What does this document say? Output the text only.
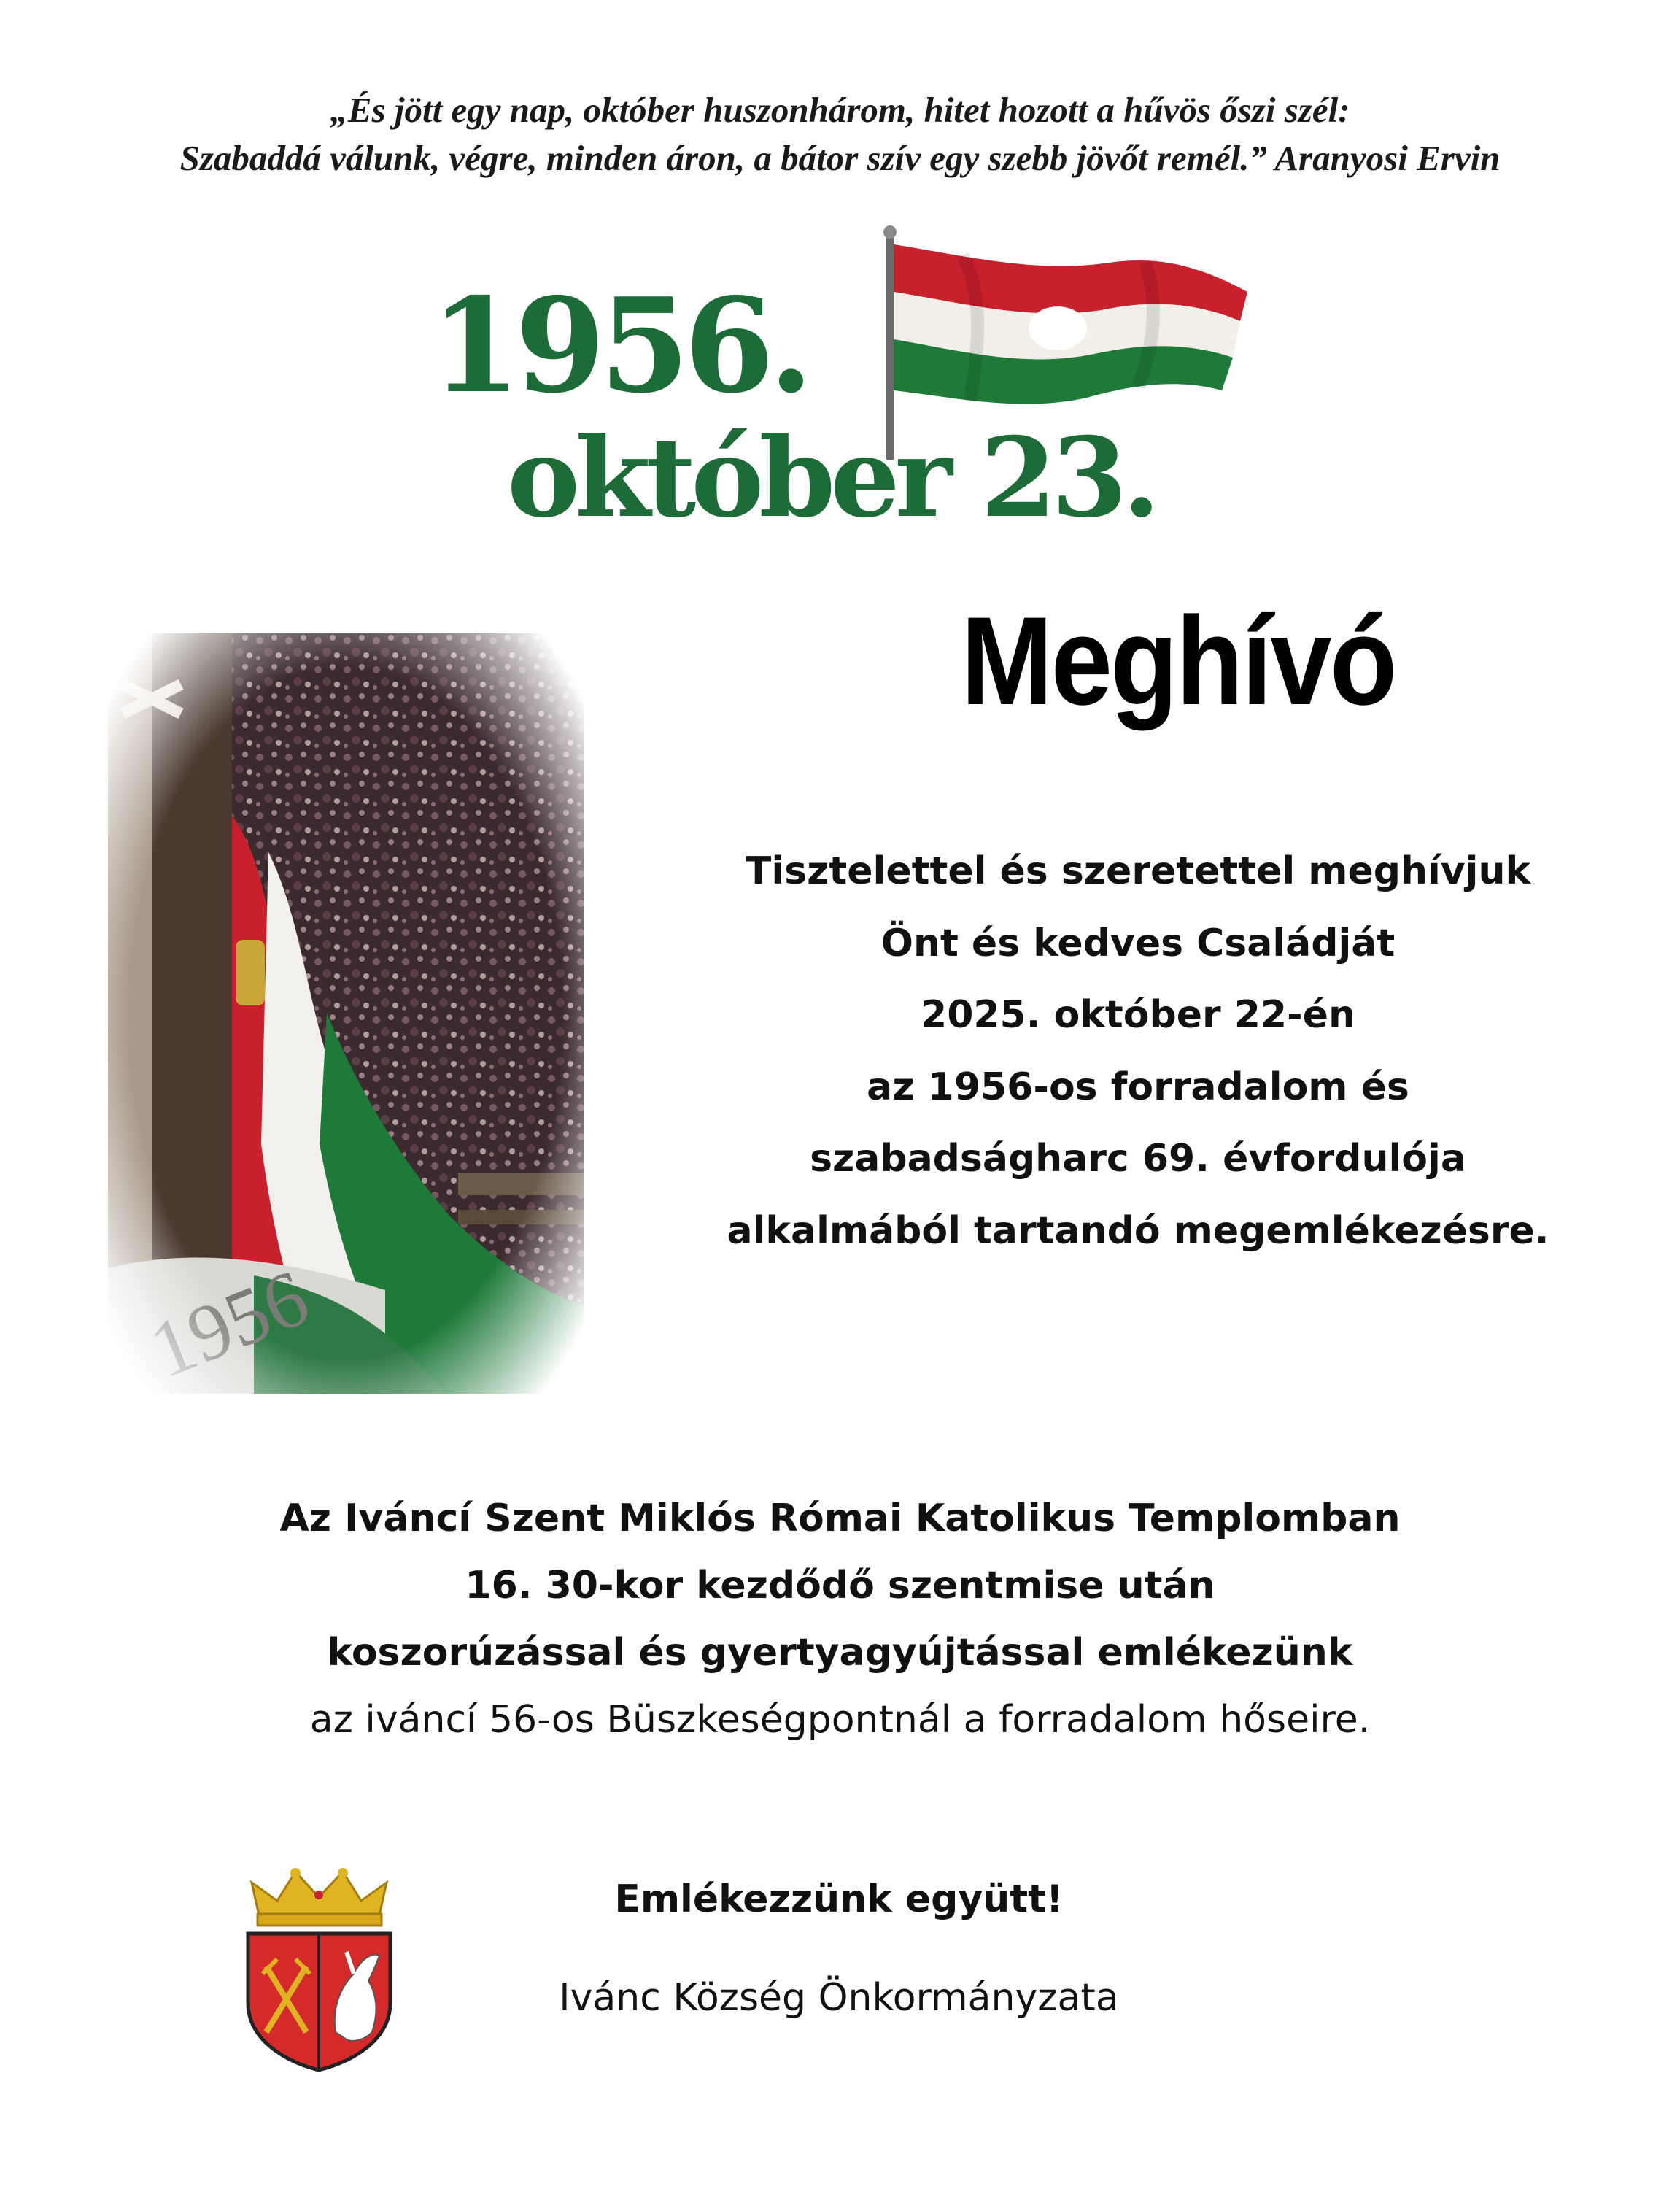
„És jött egy nap, október huszonhárom, hitet hozott a hűvös őszi szél:
Szabaddá válunk, végre, minden áron, a bátor szív egy szebb jövőt remél.” Aranyosi Ervin
1956.
október 23.
Meghívó
Tisztelettel és szeretettel meghívjuk
Önt és kedves Családját
2025. október 22-én
az 1956-os forradalom és
szabadságharc 69. évfordulója
alkalmából tartandó megemlékezésre.
Az Iváncí Szent Miklós Római Katolikus Templomban
16. 30-kor kezdődő szentmise után
koszorúzással és gyertyagyújtással emlékezünk
az iváncí 56-os Büszkeségpontnál a forradalom hőseire.
Emlékezzünk együtt!
Ivánc Község Önkormányzata
